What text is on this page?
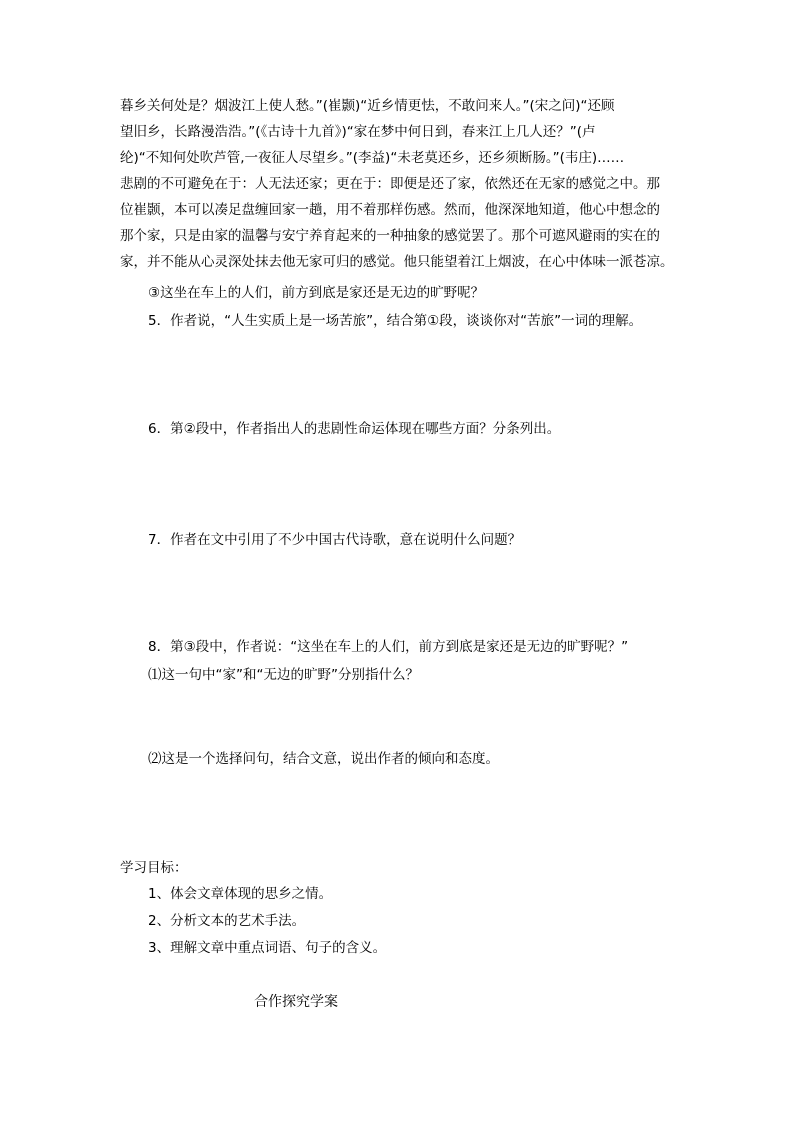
暮乡关何处是？烟波江上使人愁。”(崔颢)“近乡情更怯，不敢问来人。”(宋之问)“还顾
望旧乡，长路漫浩浩。”(《古诗十九首》)“家在梦中何日到，春来江上几人还？”(卢
纶)“不知何处吹芦管,一夜征人尽望乡。”(李益)“未老莫还乡，还乡须断肠。”(韦庄)……
悲剧的不可避免在于：人无法还家；更在于：即便是还了家，依然还在无家的感觉之中。那
位崔颢，本可以凑足盘缠回家一趟，用不着那样伤感。然而，他深深地知道，他心中想念的
那个家，只是由家的温馨与安宁养育起来的一种抽象的感觉罢了。那个可遮风避雨的实在的
家，并不能从心灵深处抹去他无家可归的感觉。他只能望着江上烟波，在心中体味一派苍凉。
③这坐在车上的人们，前方到底是家还是无边的旷野呢？
5．作者说，“人生实质上是一场苦旅”，结合第①段，谈谈你对“苦旅”一词的理解。
6．第②段中，作者指出人的悲剧性命运体现在哪些方面？分条列出。
7．作者在文中引用了不少中国古代诗歌，意在说明什么问题？
8．第③段中，作者说：“这坐在车上的人们，前方到底是家还是无边的旷野呢？”
⑴这一句中“家”和“无边的旷野”分别指什么？
⑵这是一个选择问句，结合文意，说出作者的倾向和态度。
学习目标：
1、体会文章体现的思乡之情。
2、分析文本的艺术手法。
3、理解文章中重点词语、句子的含义。
合作探究学案
